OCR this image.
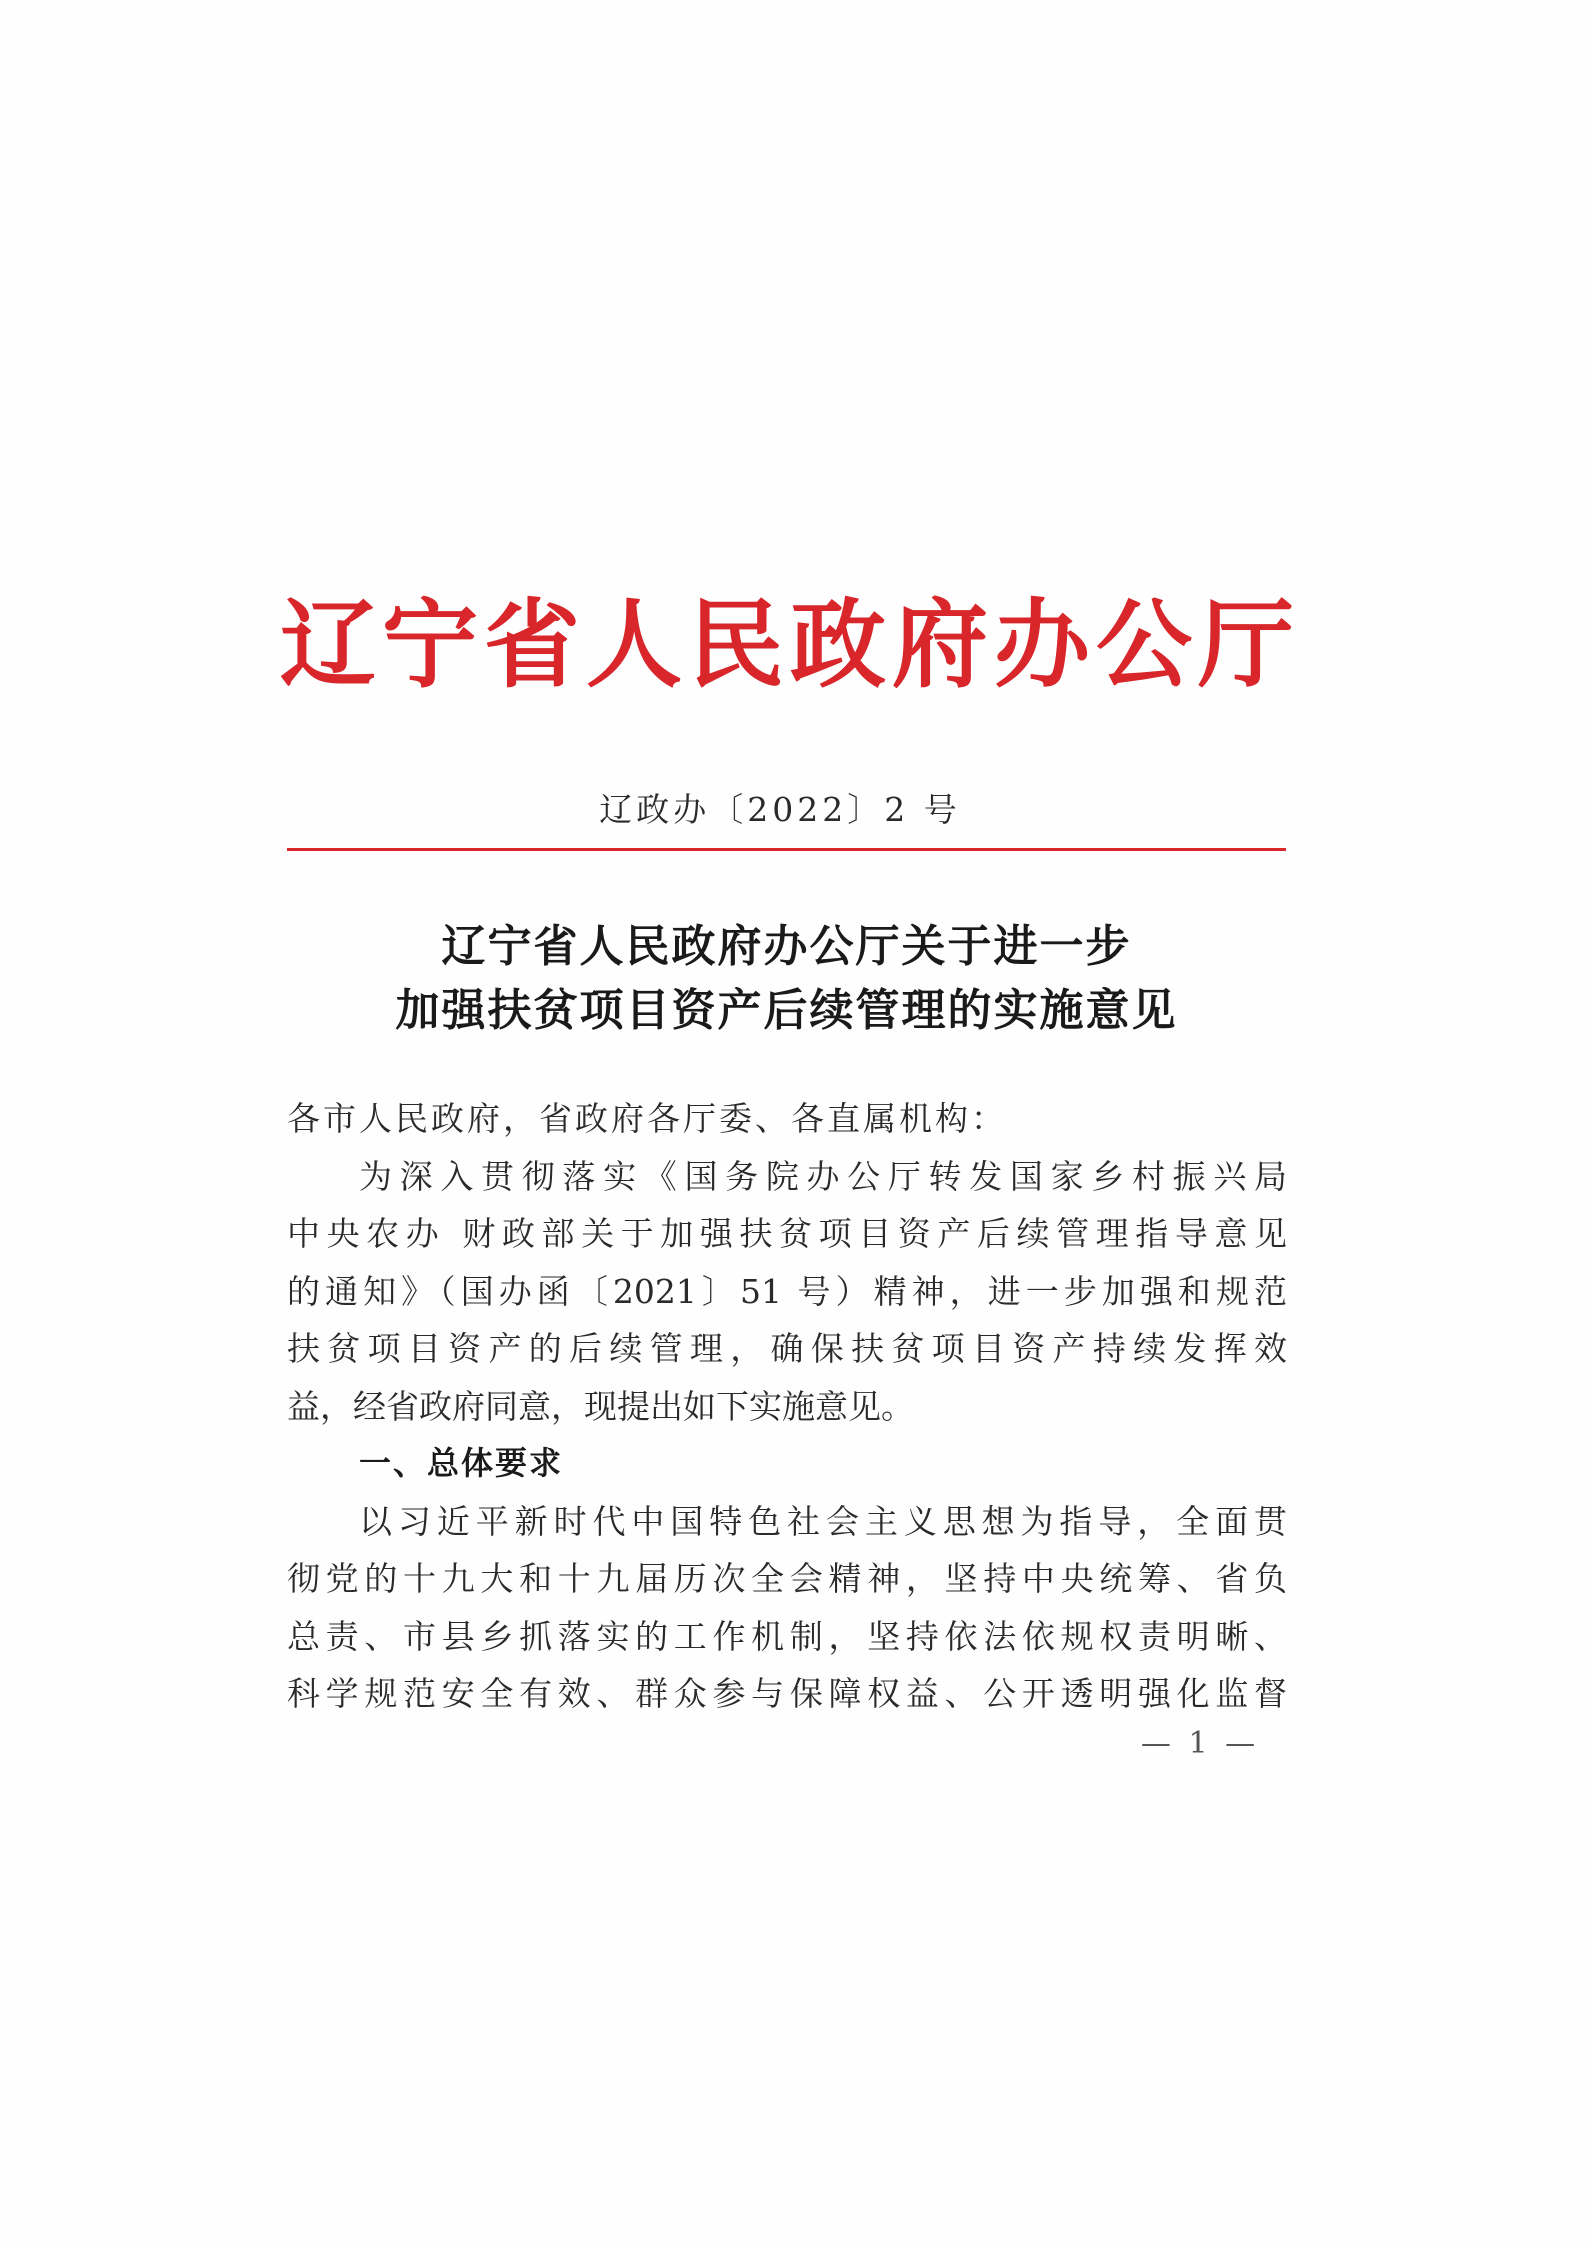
辽宁省人民政府办公厅
辽政办〔2022〕2 号
辽宁省人民政府办公厅关于进一步
加强扶贫项目资产后续管理的实施意见
各市人民政府，省政府各厅委、各直属机构：
为深入贯彻落实《国务院办公厅转发国家乡村振兴局
中央农办 财政部关于加强扶贫项目资产后续管理指导意见
的通知》（国办函〔2021〕51 号）精神，进一步加强和规范
扶贫项目资产的后续管理，确保扶贫项目资产持续发挥效
益，经省政府同意，现提出如下实施意见。
一、总体要求
以习近平新时代中国特色社会主义思想为指导，全面贯
彻党的十九大和十九届历次全会精神，坚持中央统筹、省负
总责、市县乡抓落实的工作机制，坚持依法依规权责明晰、
科学规范安全有效、群众参与保障权益、公开透明强化监督
— 1 —
